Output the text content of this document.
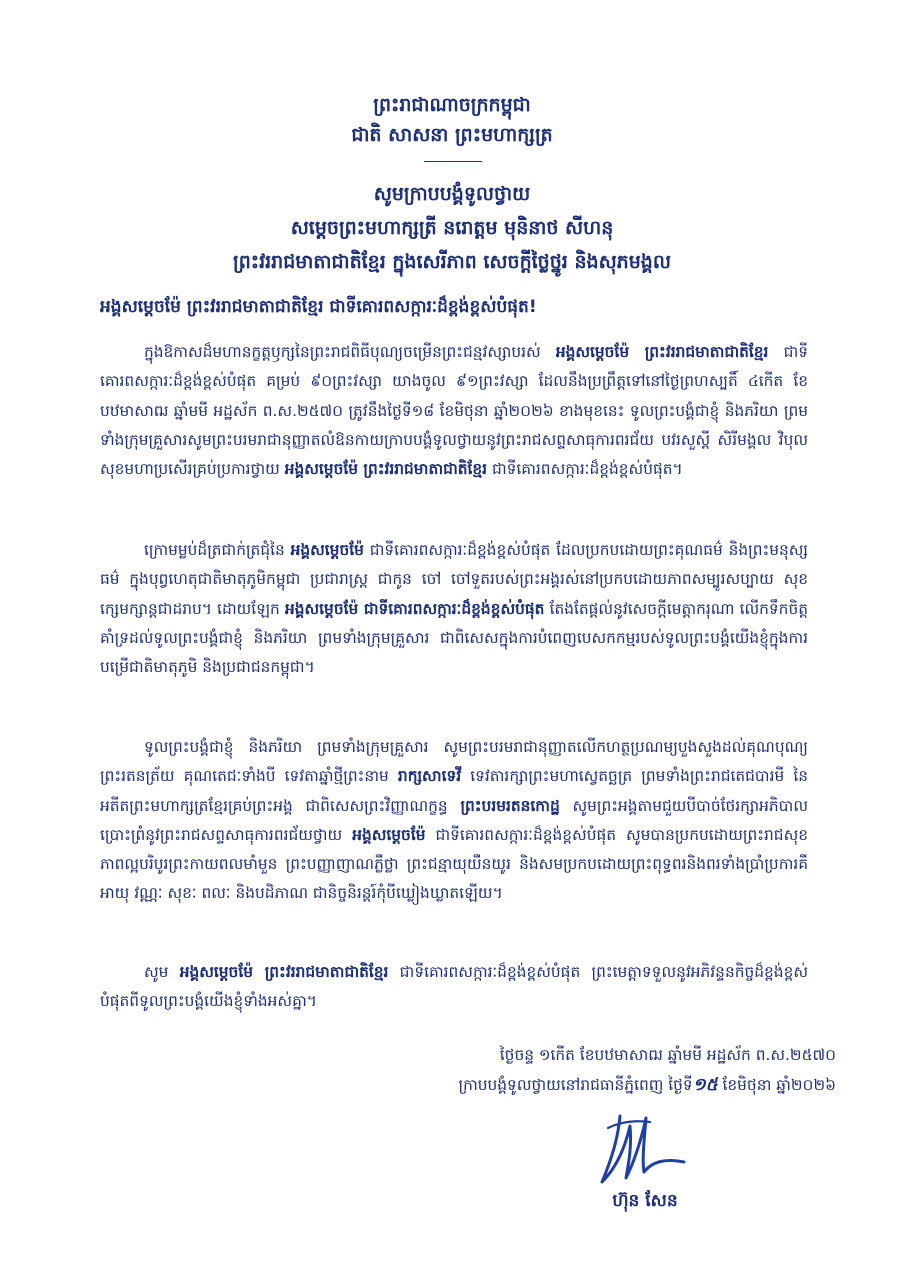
ព្រះរាជាណាចក្រកម្ពុជា

ជាតិ សាសនា ព្រះមហាក្សត្រ

សូមក្រាបបង្គំទូលថ្វាយ

សម្តេចព្រះមហាក្សត្រី នរោត្តម មុនិនាថ សីហនុ

ព្រះវររាជមាតាជាតិខ្មែរ ក្នុងសេរីភាព សេចក្តីថ្លៃថ្នូរ និងសុភមង្គល

អង្គសម្តេចម៉ែ ព្រះវររាជមាតាជាតិខ្មែរ ជាទីគោរពសក្ការៈដ៏ខ្ពង់ខ្ពស់បំផុត!

ក្នុងឱកាសដ៏មហានក្ខត្តឫក្សនៃព្រះរាជពិធីបុណ្យចម្រើនព្រះជន្មវស្សាបរស់ អង្គសម្តេចម៉ែ ព្រះវររាជមាតាជាតិខ្មែរ ជាទីគោរពសក្ការៈដ៏ខ្ពង់ខ្ពស់បំផុត គម្រប់ ៩០ព្រះវស្សា យាងចូល ៩១ព្រះវស្សា ដែលនឹងប្រព្រឹត្តទៅនៅថ្ងៃព្រហស្បតិ៍ ៤កើត ខែបឋមាសាឍ ឆ្នាំមមី អដ្ឋស័ក ព.ស.២៥៧០ ត្រូវនឹងថ្ងៃទី១៨ ខែមិថុនា ឆ្នាំ២០២៦ ខាងមុខនេះ ទូលព្រះបង្គំជាខ្ញុំ និងភរិយា ព្រមទាំងក្រុមគ្រួសារសូមព្រះបរមរាជានុញ្ញាតលំឱនកាយក្រាបបង្គំទូលថ្វាយនូវព្រះរាជសព្ទសាធុការពរជ័យ បវរសួស្តី សិរីមង្គល វិបុលសុខមហាប្រសើរគ្រប់ប្រការថ្វាយ អង្គសម្តេចម៉ែ ព្រះវររាជមាតាជាតិខ្មែរ ជាទីគោរពសក្ការៈដ៏ខ្ពង់ខ្ពស់បំផុត។

ក្រោមម្លប់ដ៏ត្រជាក់ត្រជុំនៃ អង្គសម្តេចម៉ែ ជាទីគោរពសក្ការៈដ៏ខ្ពង់ខ្ពស់បំផុត ដែលប្រកបដោយព្រះគុណធម៌ និងព្រះមនុស្សធម៌ ក្នុងបុព្វហេតុជាតិមាតុភូមិកម្ពុជា ប្រជារាស្ត្រ ជាកូន ចៅ ចៅទួតរបស់ព្រះអង្គរស់នៅប្រកបដោយភាពសម្បូរសប្បាយ សុខក្សេមក្សាន្តជាដរាប។ ដោយឡែក អង្គសម្តេចម៉ែ ជាទីគោរពសក្ការៈដ៏ខ្ពង់ខ្ពស់បំផុត តែងតែផ្តល់នូវសេចក្តីមេត្តាករុណា លើកទឹកចិត្ត គាំទ្រដល់ទូលព្រះបង្គំជាខ្ញុំ និងភរិយា ព្រមទាំងក្រុមគ្រួសារ ជាពិសេសក្នុងការបំពេញបេសកកម្មរបស់ទូលព្រះបង្គំយើងខ្ញុំក្នុងការបម្រើជាតិមាតុភូមិ និងប្រជាជនកម្ពុជា។

ទូលព្រះបង្គំជាខ្ញុំ និងភរិយា ព្រមទាំងក្រុមគ្រួសារ សូមព្រះបរមរាជានុញ្ញាតលើកហត្ថប្រណម្យបួងសួងដល់គុណបុណ្យព្រះរតនត្រ័យ គុណតេជៈទាំងបី ទេវតាឆ្នាំថ្មីព្រះនាម រាក្សសាទេវី ទេវតារក្សាព្រះមហាស្វេតច្ឆត្រ ព្រមទាំងព្រះរាជតេជបារមី នៃអតីតព្រះមហាក្សត្រខ្មែរគ្រប់ព្រះអង្គ ជាពិសេសព្រះវិញ្ញាណក្ខន្ធ ព្រះបរមរតនកោដ្ឋ សូមព្រះអង្គតាមជួយបីបាច់ថែរក្សាអភិបាលប្រោះព្រំនូវព្រះរាជសព្ទសាធុការពរជ័យថ្វាយ អង្គសម្តេចម៉ែ ជាទីគោរពសក្ការៈដ៏ខ្ពង់ខ្ពស់បំផុត សូមបានប្រកបដោយព្រះរាជសុខភាពល្អបរិបូរព្រះកាយពលមាំមួន ព្រះបញ្ញាញាណភ្លឺថ្លា ព្រះជន្មាយុយឺនយូរ និងសមប្រកបដោយព្រះពុទ្ធពរនិងពរទាំងប្រាំប្រការគឺ អាយុ វណ្ណៈ សុខៈ ពលៈ និងបដិភាណ ជានិច្ចនិរន្តរ៍កុំបីឃ្លៀងឃ្លាតឡើយ។

សូម អង្គសម្តេចម៉ែ ព្រះវររាជមាតាជាតិខ្មែរ ជាទីគោរពសក្ការៈដ៏ខ្ពង់ខ្ពស់បំផុត ព្រះមេត្តាទទួលនូវអភិវន្ទនកិច្ចដ៏ខ្ពង់ខ្ពស់បំផុតពីទូលព្រះបង្គំយើងខ្ញុំទាំងអស់គ្នា។

ថ្ងៃចន្ទ ១កើត ខែបឋមាសាឍ ឆ្នាំមមី អដ្ឋស័ក ព.ស.២៥៧០

ក្រាបបង្គំទូលថ្វាយនៅរាជធានីភ្នំពេញ ថ្ងៃទី១៥ ខែមិថុនា ឆ្នាំ២០២៦

ហ៊ុន សែន
